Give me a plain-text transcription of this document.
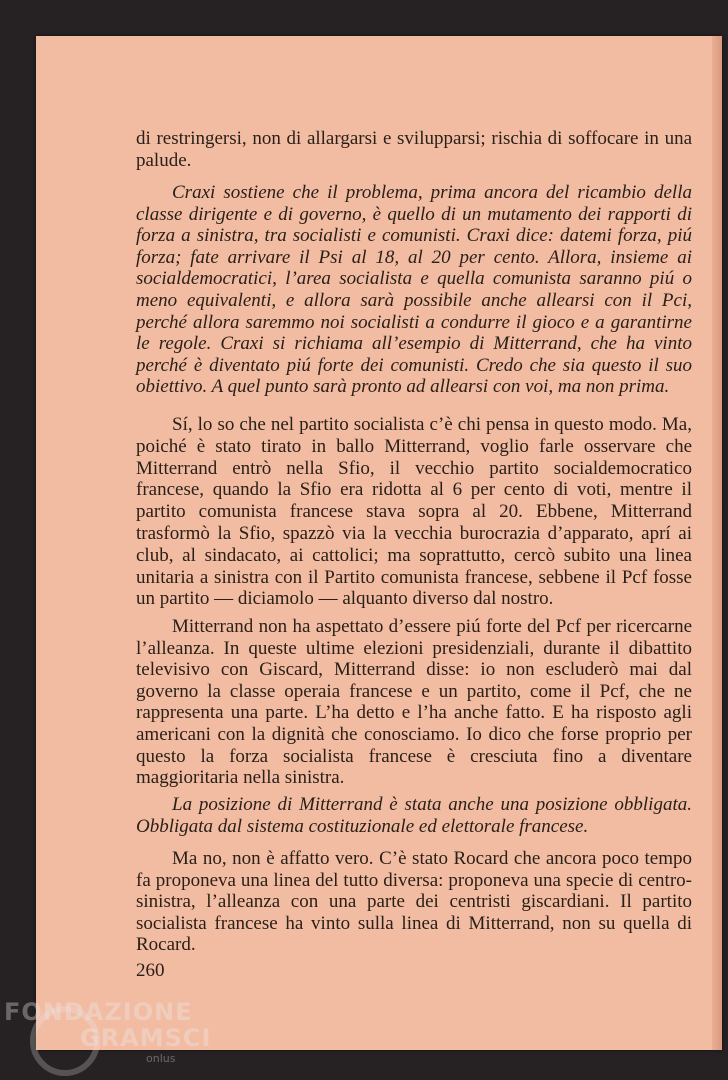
di restringersi, non di allargarsi e svilupparsi; rischia di soffocare in una palude.

Craxi sostiene che il problema, prima ancora del ricambio della classe dirigente e di governo, è quello di un mutamento dei rapporti di forza a sinistra, tra socialisti e comunisti. Craxi dice: datemi forza, piú forza; fate arrivare il Psi al 18, al 20 per cento. Allora, insieme ai socialdemocratici, l’area socialista e quella comunista saranno piú o meno equivalenti, e allora sarà possibile anche allearsi con il Pci, perché allora saremmo noi socialisti a condurre il gioco e a garantirne le regole. Craxi si richiama all’esempio di Mitterrand, che ha vinto perché è diventato piú forte dei comunisti. Credo che sia questo il suo obiettivo. A quel punto sarà pronto ad allearsi con voi, ma non prima.

Sí, lo so che nel partito socialista c’è chi pensa in questo modo. Ma, poiché è stato tirato in ballo Mitterrand, voglio farle osservare che Mitterrand entrò nella Sfio, il vecchio partito socialdemocratico francese, quando la Sfio era ridotta al 6 per cento di voti, mentre il partito comunista francese stava sopra al 20. Ebbene, Mitterrand trasformò la Sfio, spazzò via la vecchia burocrazia d’apparato, aprí ai club, al sindacato, ai cattolici; ma soprattutto, cercò subito una linea unitaria a sinistra con il Partito comunista francese, sebbene il Pcf fosse un partito — diciamolo — alquanto diverso dal nostro.

Mitterrand non ha aspettato d’essere piú forte del Pcf per ricercarne l’alleanza. In queste ultime elezioni presidenziali, durante il dibattito televisivo con Giscard, Mitterrand disse: io non escluderò mai dal governo la classe operaia francese e un partito, come il Pcf, che ne rappresenta una parte. L’ha detto e l’ha anche fatto. E ha risposto agli americani con la dignità che conosciamo. Io dico che forse proprio per questo la forza socialista francese è cresciuta fino a diventare maggioritaria nella sinistra.

La posizione di Mitterrand è stata anche una posizione obbligata. Obbligata dal sistema costituzionale ed elettorale francese.

Ma no, non è affatto vero. C’è stato Rocard che ancora poco tempo fa proponeva una linea del tutto diversa: proponeva una specie di centro-sinistra, l’alleanza con una parte dei centristi giscardiani. Il partito socialista francese ha vinto sulla linea di Mitterrand, non su quella di Rocard.

260
FONDAZIONE
GRAMSCI
onlus
